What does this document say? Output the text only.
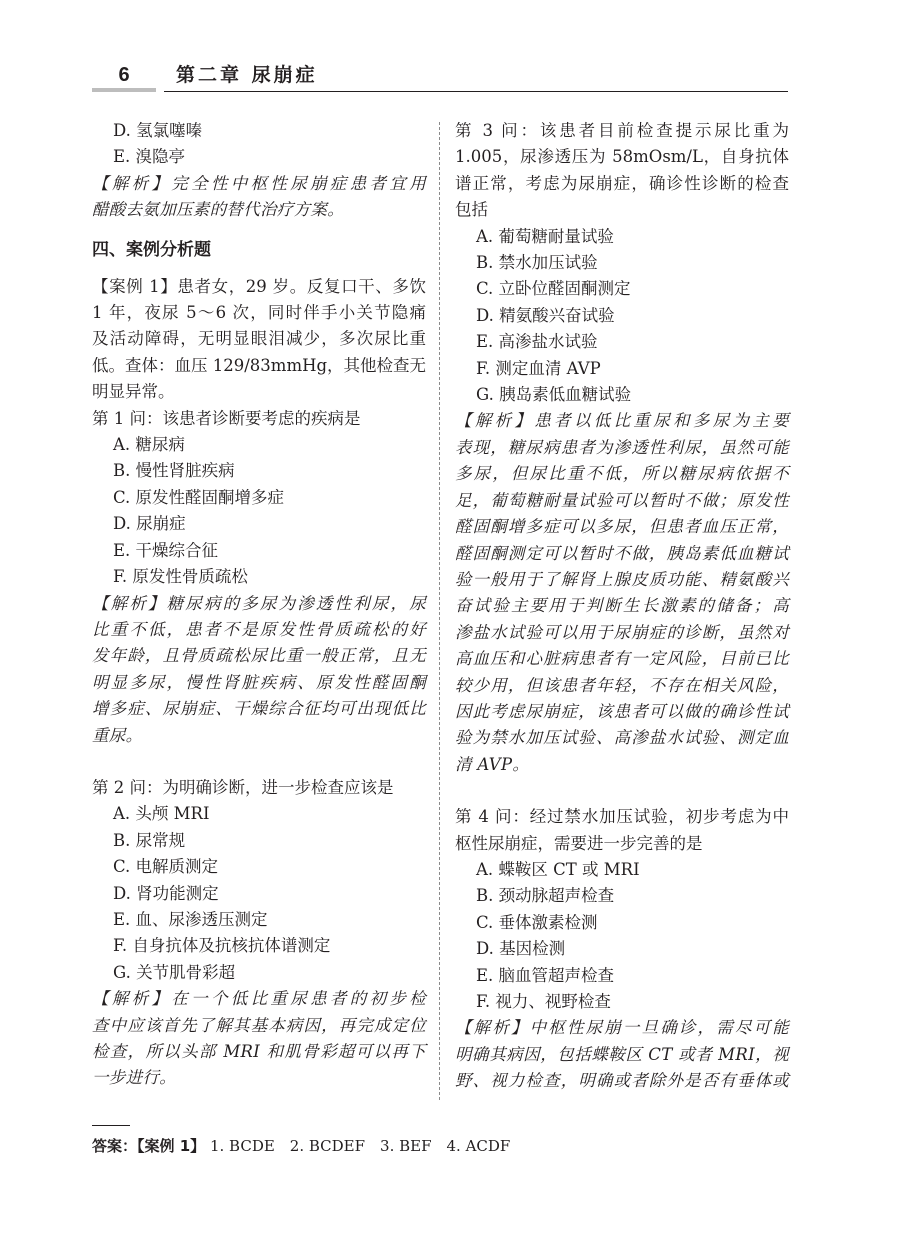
6	第二章 尿崩症
D. 氢氯噻嗪
E. 溴隐亭
【解析】完全性中枢性尿崩症患者宜用
醋酸去氨加压素的替代治疗方案。
四、案例分析题
【案例 1】患者女，29 岁。反复口干、多饮
1 年，夜尿 5～6 次，同时伴手小关节隐痛
及活动障碍，无明显眼泪减少，多次尿比重
低。查体：血压 129/83mmHg，其他检查无
明显异常。
第 1 问：该患者诊断要考虑的疾病是
A. 糖尿病
B. 慢性肾脏疾病
C. 原发性醛固酮增多症
D. 尿崩症
E. 干燥综合征
F. 原发性骨质疏松
【解析】糖尿病的多尿为渗透性利尿，尿
比重不低，患者不是原发性骨质疏松的好
发年龄，且骨质疏松尿比重一般正常，且无
明显多尿，慢性肾脏疾病、原发性醛固酮
增多症、尿崩症、干燥综合征均可出现低比
重尿。
第 2 问：为明确诊断，进一步检查应该是
A. 头颅 MRI
B. 尿常规
C. 电解质测定
D. 肾功能测定
E. 血、尿渗透压测定
F. 自身抗体及抗核抗体谱测定
G. 关节肌骨彩超
【解析】在一个低比重尿患者的初步检
查中应该首先了解其基本病因，再完成定位
检查，所以头部 MRI 和肌骨彩超可以再下
一步进行。
第 3 问：该患者目前检查提示尿比重为
1.005，尿渗透压为 58mOsm/L，自身抗体
谱正常，考虑为尿崩症，确诊性诊断的检查
包括
A. 葡萄糖耐量试验
B. 禁水加压试验
C. 立卧位醛固酮测定
D. 精氨酸兴奋试验
E. 高渗盐水试验
F. 测定血清 AVP
G. 胰岛素低血糖试验
【解析】患者以低比重尿和多尿为主要
表现，糖尿病患者为渗透性利尿，虽然可能
多尿，但尿比重不低，所以糖尿病依据不
足，葡萄糖耐量试验可以暂时不做；原发性
醛固酮增多症可以多尿，但患者血压正常，
醛固酮测定可以暂时不做，胰岛素低血糖试
验一般用于了解肾上腺皮质功能、精氨酸兴
奋试验主要用于判断生长激素的储备；高
渗盐水试验可以用于尿崩症的诊断，虽然对
高血压和心脏病患者有一定风险，目前已比
较少用，但该患者年轻，不存在相关风险，
因此考虑尿崩症，该患者可以做的确诊性试
验为禁水加压试验、高渗盐水试验、测定血
清 AVP。
第 4 问：经过禁水加压试验，初步考虑为中
枢性尿崩症，需要进一步完善的是
A. 蝶鞍区 CT 或 MRI
B. 颈动脉超声检查
C. 垂体激素检测
D. 基因检测
E. 脑血管超声检查
F. 视力、视野检查
【解析】中枢性尿崩一旦确诊，需尽可能
明确其病因，包括蝶鞍区 CT 或者 MRI，视
野、视力检查，明确或者除外是否有垂体或
答案：【案例 1】 1. BCDE　2. BCDEF　3. BEF　4. ACDF
